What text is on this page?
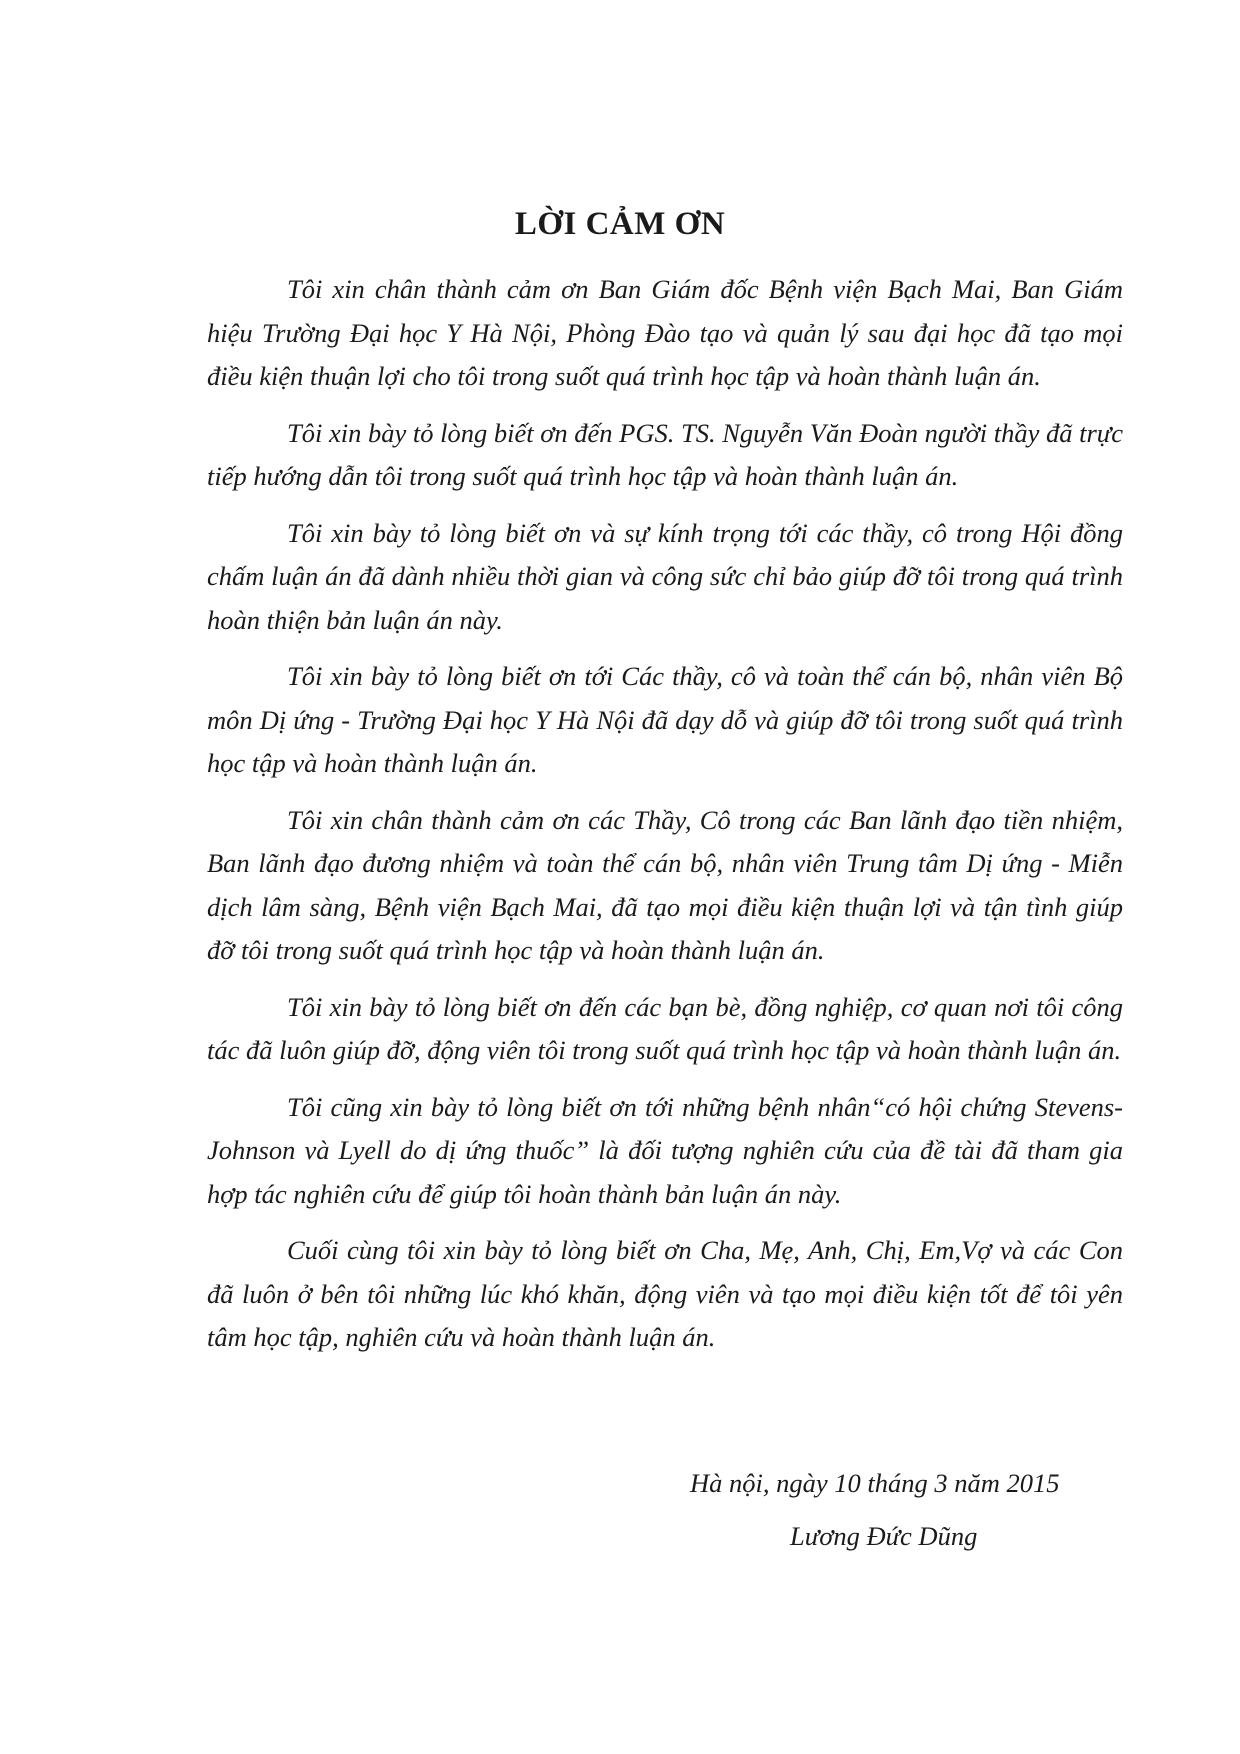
LỜI CẢM ƠN

Tôi xin chân thành cảm ơn Ban Giám đốc Bệnh viện Bạch Mai, Ban Giám hiệu Trường Đại học Y Hà Nội, Phòng Đào tạo và quản lý sau đại học đã tạo mọi điều kiện thuận lợi cho tôi trong suốt quá trình học tập và hoàn thành luận án.

Tôi xin bày tỏ lòng biết ơn đến PGS. TS. Nguyễn Văn Đoàn người thầy đã trực tiếp hướng dẫn tôi trong suốt quá trình học tập và hoàn thành luận án.

Tôi xin bày tỏ lòng biết ơn và sự kính trọng tới các thầy, cô trong Hội đồng chấm luận án đã dành nhiều thời gian và công sức chỉ bảo giúp đỡ tôi trong quá trình hoàn thiện bản luận án này.

Tôi xin bày tỏ lòng biết ơn tới Các thầy, cô và toàn thể cán bộ, nhân viên Bộ môn Dị ứng - Trường Đại học Y Hà Nội đã dạy dỗ và giúp đỡ tôi trong suốt quá trình học tập và hoàn thành luận án.

Tôi xin chân thành cảm ơn các Thầy, Cô trong các Ban lãnh đạo tiền nhiệm, Ban lãnh đạo đương nhiệm và toàn thể cán bộ, nhân viên Trung tâm Dị ứng - Miễn dịch lâm sàng, Bệnh viện Bạch Mai, đã tạo mọi điều kiện thuận lợi và tận tình giúp đỡ tôi trong suốt quá trình học tập và hoàn thành luận án.

Tôi xin bày tỏ lòng biết ơn đến các bạn bè, đồng nghiệp, cơ quan nơi tôi công tác đã luôn giúp đỡ, động viên tôi trong suốt quá trình học tập và hoàn thành luận án.

Tôi cũng xin bày tỏ lòng biết ơn tới những bệnh nhân“có hội chứng Stevens-Johnson và Lyell do dị ứng thuốc” là đối tượng nghiên cứu của đề tài đã tham gia hợp tác nghiên cứu để giúp tôi hoàn thành bản luận án này.

Cuối cùng tôi xin bày tỏ lòng biết ơn Cha, Mẹ, Anh, Chị, Em,Vợ và các Con đã luôn ở bên tôi những lúc khó khăn, động viên và tạo mọi điều kiện tốt để tôi yên tâm học tập, nghiên cứu và hoàn thành luận án.

Hà nội, ngày 10 tháng 3 năm 2015

Lương Đức Dũng
